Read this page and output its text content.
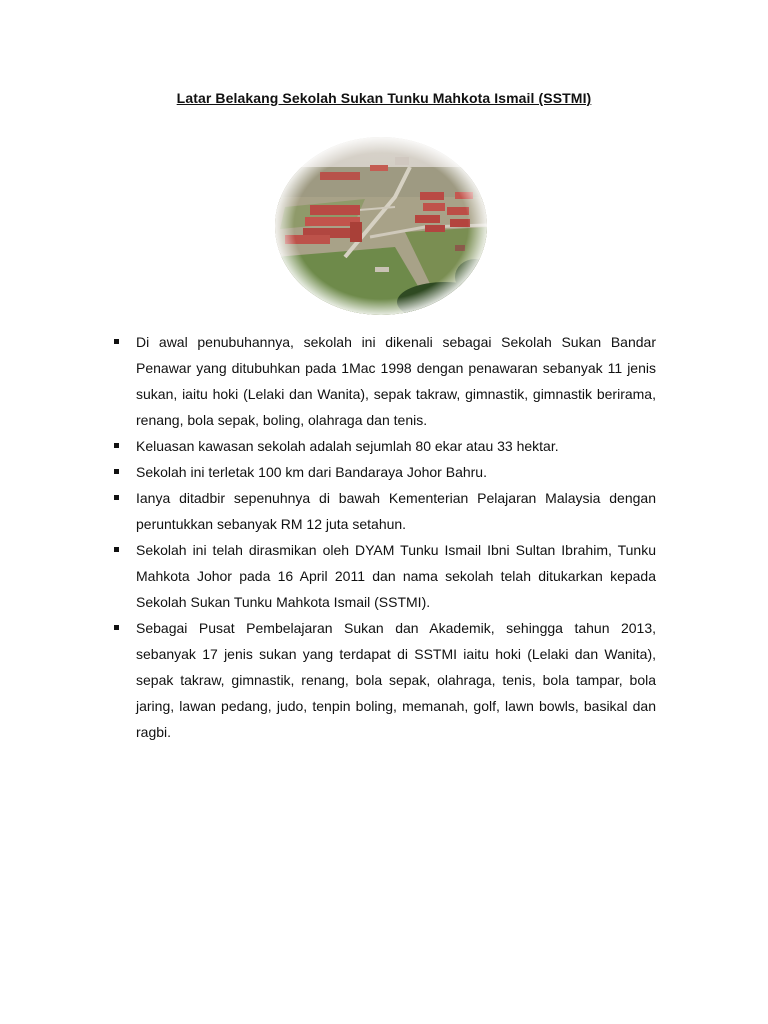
Latar Belakang Sekolah Sukan Tunku Mahkota Ismail (SSTMI)
Di awal penubuhannya, sekolah ini dikenali sebagai Sekolah Sukan Bandar Penawar yang ditubuhkan pada 1Mac 1998 dengan penawaran sebanyak 11 jenis sukan, iaitu hoki (Lelaki dan Wanita), sepak takraw, gimnastik, gimnastik berirama, renang, bola sepak, boling, olahraga dan tenis.
Keluasan kawasan sekolah adalah sejumlah 80 ekar atau 33 hektar.
Sekolah ini terletak 100 km dari Bandaraya Johor Bahru.
Ianya ditadbir sepenuhnya di bawah Kementerian Pelajaran Malaysia dengan peruntukkan sebanyak RM 12 juta setahun.
Sekolah ini telah dirasmikan oleh DYAM Tunku Ismail Ibni Sultan Ibrahim, Tunku Mahkota Johor pada 16 April 2011 dan nama sekolah telah ditukarkan kepada Sekolah Sukan Tunku Mahkota Ismail (SSTMI).
Sebagai Pusat Pembelajaran Sukan dan Akademik, sehingga tahun 2013, sebanyak 17 jenis sukan yang terdapat di SSTMI iaitu hoki (Lelaki dan Wanita), sepak takraw, gimnastik, renang, bola sepak, olahraga, tenis, bola tampar, bola jaring, lawan pedang, judo, tenpin boling, memanah, golf, lawn bowls, basikal dan ragbi.
